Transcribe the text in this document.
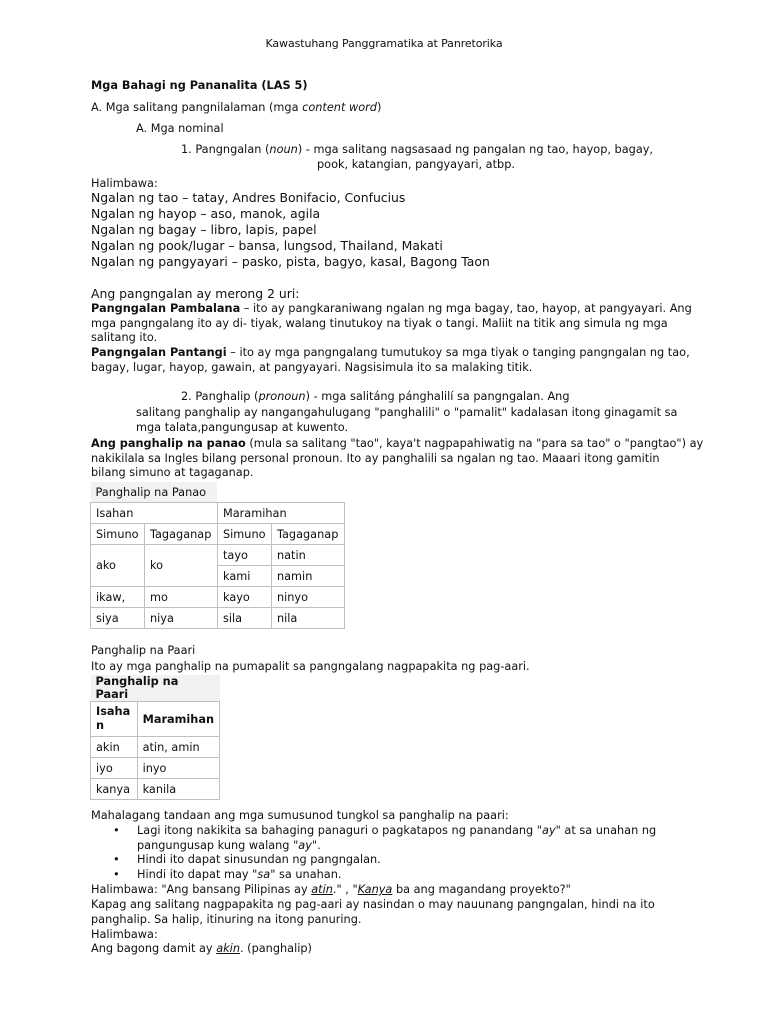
Kawastuhang Panggramatika at Panretorika
Mga Bahagi ng Pananalita (LAS 5)
A. Mga salitang pangnilalaman (mga content word)
A. Mga nominal
1. Pangngalan (noun) - mga salitang nagsasaad ng pangalan ng tao, hayop, bagay,
pook, katangian, pangyayari, atbp.
Halimbawa:
Ngalan ng tao – tatay, Andres Bonifacio, Confucius
Ngalan ng hayop – aso, manok, agila
Ngalan ng bagay – libro, lapis, papel
Ngalan ng pook/lugar – bansa, lungsod, Thailand, Makati
Ngalan ng pangyayari – pasko, pista, bagyo, kasal, Bagong Taon
Ang pangngalan ay merong 2 uri:
Pangngalan Pambalana – ito ay pangkaraniwang ngalan ng mga bagay, tao, hayop, at pangyayari. Ang
mga pangngalang ito ay di- tiyak, walang tinutukoy na tiyak o tangi. Maliit na titik ang simula ng mga
salitang ito.
Pangngalan Pantangi – ito ay mga pangngalang tumutukoy sa mga tiyak o tanging pangngalan ng tao,
bagay, lugar, hayop, gawain, at pangyayari. Nagsisimula ito sa malaking titik.
2. Panghalip (pronoun) - mga salitáng pánghalilí sa pangngalan. Ang
salitang panghalip ay nangangahulugang "panghalili" o "pamalit" kadalasan itong ginagamit sa
mga talata,pangungusap at kuwento.
Ang panghalip na panao (mula sa salitang "tao", kaya't nagpapahiwatig na "para sa tao" o "pangtao") ay
nakikilala sa Ingles bilang personal pronoun. Ito ay panghalili sa ngalan ng tao. Maaari itong gamitin
bilang simuno at tagaganap.
Panghalip na Panao			
Isahan		Maramihan	
Simuno	Tagaganap	Simuno	Tagaganap
ako	ko	tayo	natin
		kami	namin
ikaw,	mo	kayo	ninyo
siya	niya	sila	nila
Panghalip na Paari
Ito ay mga panghalip na pumapalit sa pangngalang nagpapakita ng pag-aari.
Panghalip na Paari	
Isaha
n	Maramihan
akin	atin, amin
iyo	inyo
kanya	kanila
Mahalagang tandaan ang mga sumusunod tungkol sa panghalip na paari:
• Lagi itong nakikita sa bahaging panaguri o pagkatapos ng panandang "ay" at sa unahan ng
pangungusap kung walang "ay".
• Hindi ito dapat sinusundan ng pangngalan.
• Hindi ito dapat may "sa" sa unahan.
Halimbawa: "Ang bansang Pilipinas ay atin." , "Kanya ba ang magandang proyekto?"
Kapag ang salitang nagpapakita ng pag-aari ay nasindan o may nauunang pangngalan, hindi na ito
panghalip. Sa halip, itinuring na itong panuring.
Halimbawa:
Ang bagong damit ay akin. (panghalip)
